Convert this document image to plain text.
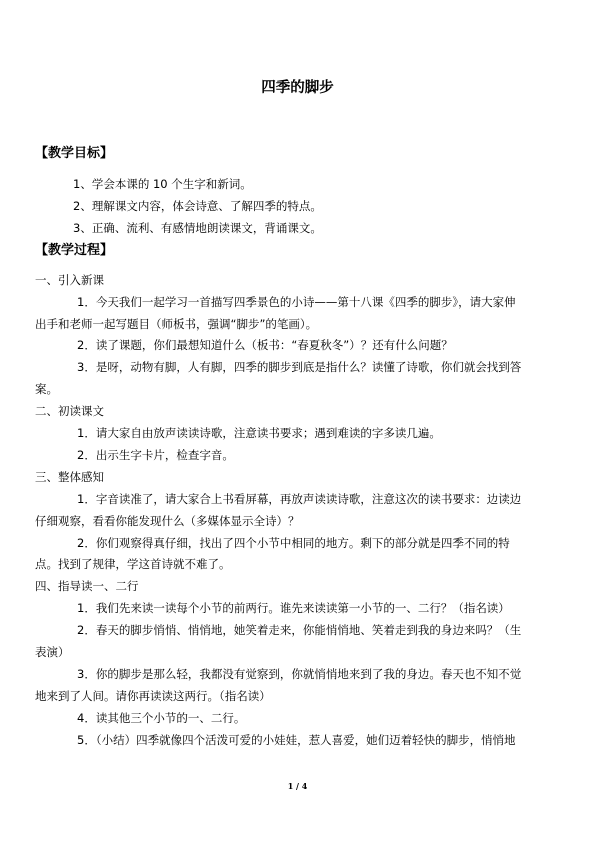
四季的脚步
【教学目标】
1、学会本课的 10 个生字和新词。
2、理解课文内容，体会诗意、了解四季的特点。
3、正确、流利、有感情地朗读课文，背诵课文。
【教学过程】
一、引入新课
1．今天我们一起学习一首描写四季景色的小诗——第十八课《四季的脚步》，请大家伸
出手和老师一起写题目（师板书，强调“脚步”的笔画）。
2．读了课题，你们最想知道什么（板书：“春夏秋冬”）？还有什么问题？
3．是呀，动物有脚，人有脚，四季的脚步到底是指什么？读懂了诗歌，你们就会找到答
案。
二、初读课文
1．请大家自由放声读读诗歌，注意读书要求；遇到难读的字多读几遍。
2．出示生字卡片，检查字音。
三、整体感知
1．字音读准了，请大家合上书看屏幕，再放声读读诗歌，注意这次的读书要求：边读边
仔细观察，看看你能发现什么（多媒体显示全诗）？
2．你们观察得真仔细，找出了四个小节中相同的地方。剩下的部分就是四季不同的特
点。找到了规律，学这首诗就不难了。
四、指导读一、二行
1．我们先来读一读每个小节的前两行。谁先来读读第一小节的一、二行？（指名读）
2．春天的脚步悄悄、悄悄地，她笑着走来，你能悄悄地、笑着走到我的身边来吗？（生
表演）
3．你的脚步是那么轻，我都没有觉察到，你就悄悄地来到了我的身边。春天也不知不觉
地来到了人间。请你再读读这两行。（指名读）
4．读其他三个小节的一、二行。
5．（小结）四季就像四个活泼可爱的小娃娃，惹人喜爱，她们迈着轻快的脚步，悄悄地
1 / 4
